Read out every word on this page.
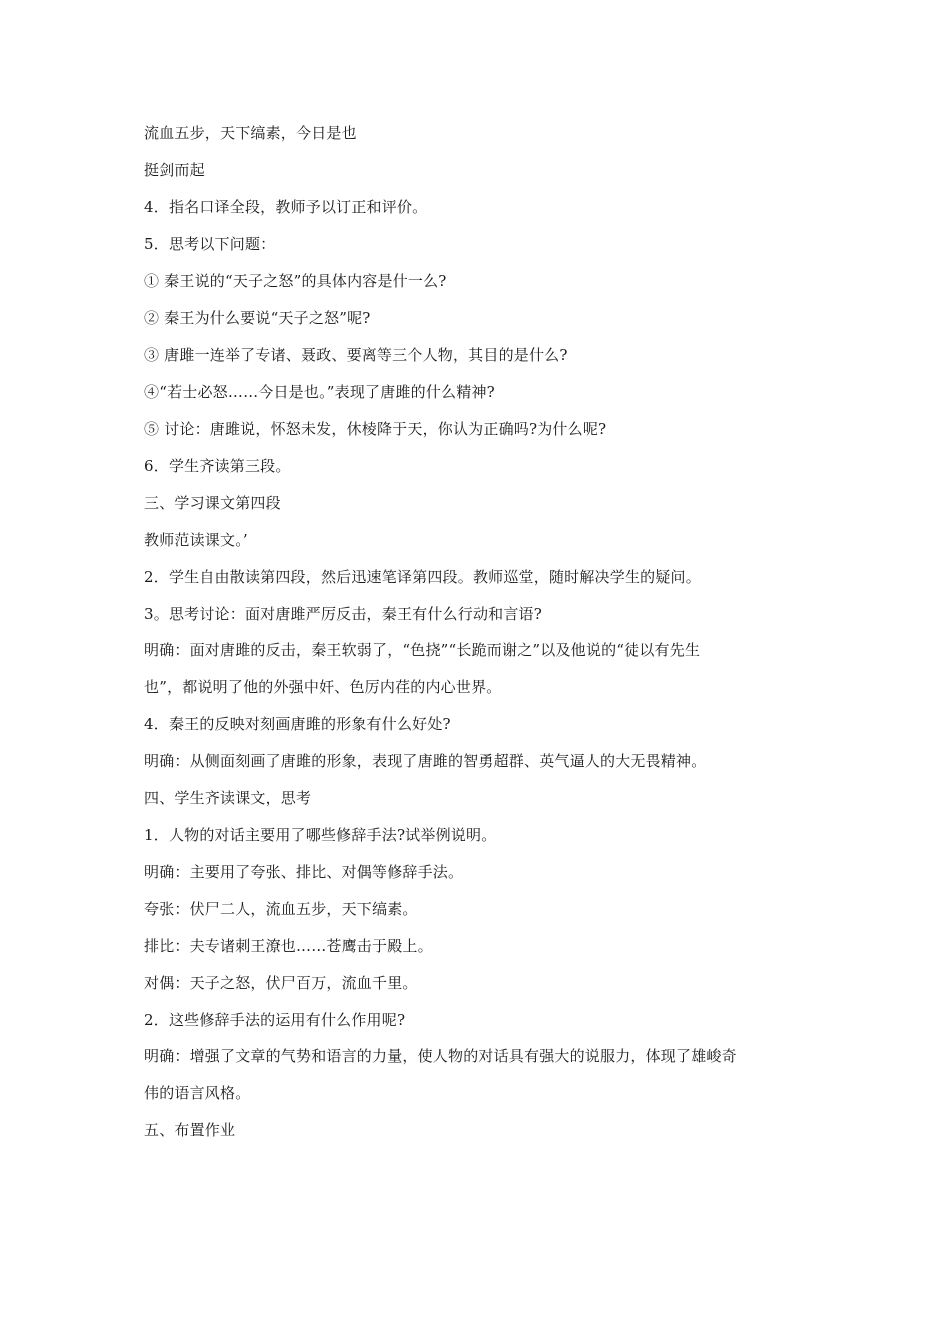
流血五步，天下缟素，今日是也
挺剑而起
4．指名口译全段，教师予以订正和评价。
5．思考以下问题：
① 秦王说的“天子之怒”的具体内容是什一么?
② 秦王为什么要说“天子之怒”呢?
③ 唐雎一连举了专诸、聂政、要离等三个人物，其目的是什么?
④“若士必怒……今日是也。”表现了唐雎的什么精神?
⑤ 讨论：唐雎说，怀怒未发，休棱降于天，你认为正确吗?为什么呢?
6．学生齐读第三段。
三、学习课文第四段
教师范读课文。’
2．学生自由散读第四段，然后迅速笔译第四段。教师巡堂，随时解决学生的疑问。
3。思考讨论：面对唐雎严厉反击，秦王有什么行动和言语?
明确：面对唐雎的反击，秦王软弱了，“色挠”“长跪而谢之”以及他说的“徒以有先生
也”，都说明了他的外强中奸、色厉内荏的内心世界。
4．秦王的反映对刻画唐雎的形象有什么好处?
明确：从侧面刻画了唐雎的形象，表现了唐雎的智勇超群、英气逼人的大无畏精神。
四、学生齐读课文，思考
1．人物的对话主要用了哪些修辞手法?试举例说明。
明确：主要用了夸张、排比、对偶等修辞手法。
夸张：伏尸二人，流血五步，天下缟素。
排比：夫专诸刺王潦也……苍鹰击于殿上。
对偶：天子之怒，伏尸百万，流血千里。
2．这些修辞手法的运用有什么作用呢?
明确：增强了文章的气势和语言的力量，使人物的对话具有强大的说服力，体现了雄峻奇
伟的语言风格。
五、布置作业
